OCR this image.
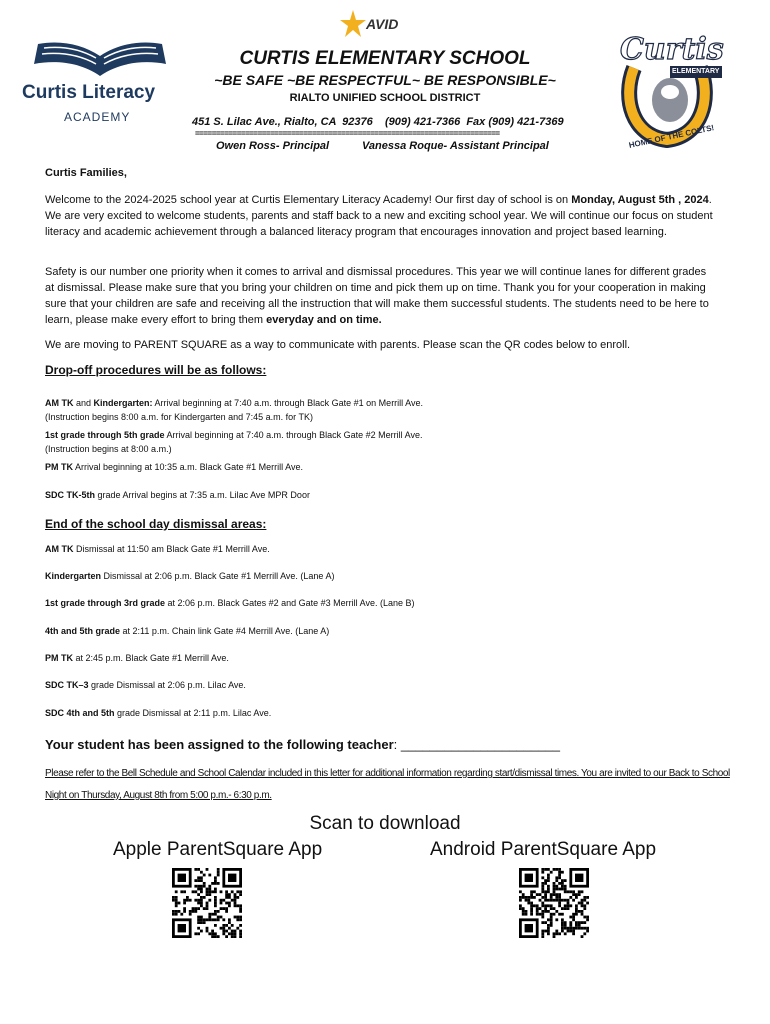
AVID
Curtis Literacy
ACADEMY
Curtis
ELEMENTARY
HOME OF THE COLTS!
CURTIS ELEMENTARY SCHOOL
~BE SAFE ~BE RESPECTFUL~ BE RESPONSIBLE~
RIALTO UNIFIED SCHOOL DISTRICT
451 S. Lilac Ave., Rialto, CA  92376    (909) 421-7366  Fax (909) 421-7369
=========================================================================
Owen Ross- Principal	Vanessa Roque- Assistant Principal
Curtis Families,
Welcome to the 2024-2025 school year at Curtis Elementary Literacy Academy! Our first day of school is on Monday, August 5th , 2024. We are very excited to welcome students, parents and staff back to a new and exciting school year. We will continue our focus on student literacy and academic achievement through a balanced literacy program that encourages innovation and project based learning.
Safety is our number one priority when it comes to arrival and dismissal procedures. This year we will continue lanes for different grades at dismissal. Please make sure that you bring your children on time and pick them up on time. Thank you for your cooperation in making sure that your children are safe and receiving all the instruction that will make them successful students. The students need to be here to learn, please make every effort to bring them everyday and on time.
We are moving to PARENT SQUARE as a way to communicate with parents. Please scan the QR codes below to enroll.
Drop-off procedures will be as follows:
AM TK and Kindergarten: Arrival beginning at 7:40 a.m. through Black Gate #1 on Merrill Ave.
(Instruction begins 8:00 a.m. for Kindergarten and 7:45 a.m. for TK)
1st grade through 5th grade Arrival beginning at 7:40 a.m. through Black Gate #2 Merrill Ave.
(Instruction begins at 8:00 a.m.)
PM TK Arrival beginning at 10:35 a.m. Black Gate #1 Merrill Ave.
SDC TK-5th grade Arrival begins at 7:35 a.m. Lilac Ave MPR Door
End of the school day dismissal areas:
AM TK Dismissal at 11:50 am Black Gate #1 Merrill Ave.
Kindergarten Dismissal at 2:06 p.m. Black Gate #1 Merrill Ave. (Lane A)
1st grade through 3rd grade at 2:06 p.m. Black Gates #2 and Gate #3 Merrill Ave. (Lane B)
4th and 5th grade at 2:11 p.m. Chain link Gate #4 Merrill Ave. (Lane A)
PM TK at 2:45 p.m. Black Gate #1 Merrill Ave.
SDC TK–3 grade Dismissal at 2:06 p.m. Lilac Ave.
SDC 4th and 5th grade Dismissal at 2:11 p.m. Lilac Ave.
Your student has been assigned to the following teacher: ______________________
Please refer to the Bell Schedule and School Calendar included in this letter for additional information regarding start/dismissal times. You are invited to our Back to School Night on Thursday, August 8th from 5:00 p.m.- 6:30 p.m.
Scan to download
Apple ParentSquare App	Android ParentSquare App
